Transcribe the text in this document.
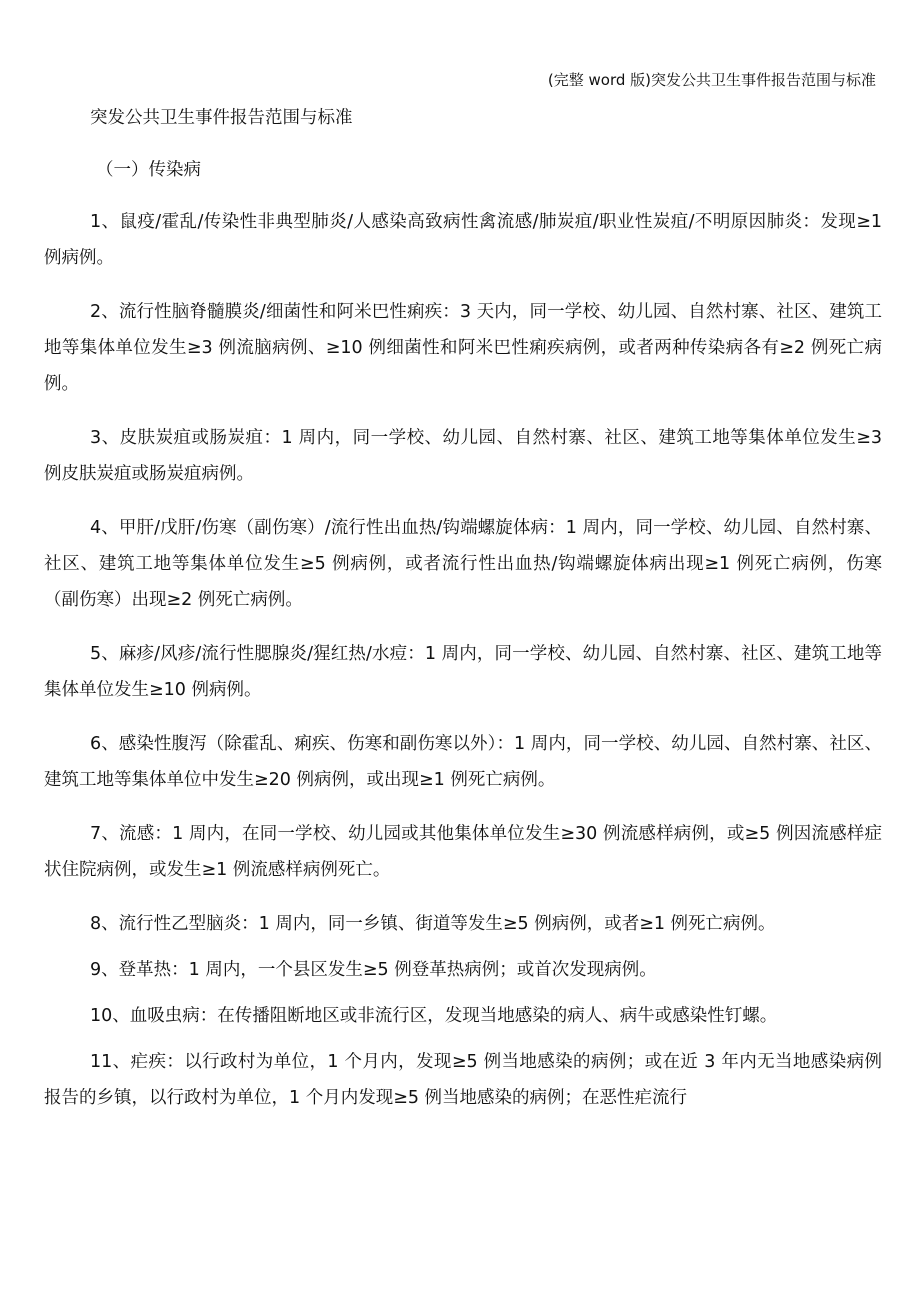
(完整 word 版)突发公共卫生事件报告范围与标准
突发公共卫生事件报告范围与标准
（一）传染病

1、鼠疫/霍乱/传染性非典型肺炎/人感染高致病性禽流感/肺炭疽/职业性炭疽/不明原因肺炎：发现≥1 例病例。

2、流行性脑脊髓膜炎/细菌性和阿米巴性痢疾：3 天内，同一学校、幼儿园、自然村寨、社区、建筑工地等集体单位发生≥3 例流脑病例、≥10 例细菌性和阿米巴性痢疾病例，或者两种传染病各有≥2 例死亡病例。

3、皮肤炭疽或肠炭疽：1 周内，同一学校、幼儿园、自然村寨、社区、建筑工地等集体单位发生≥3 例皮肤炭疽或肠炭疽病例。

4、甲肝/戊肝/伤寒（副伤寒）/流行性出血热/钩端螺旋体病：1 周内，同一学校、幼儿园、自然村寨、社区、建筑工地等集体单位发生≥5 例病例，或者流行性出血热/钩端螺旋体病出现≥1 例死亡病例，伤寒（副伤寒）出现≥2 例死亡病例。

5、麻疹/风疹/流行性腮腺炎/猩红热/水痘：1 周内，同一学校、幼儿园、自然村寨、社区、建筑工地等集体单位发生≥10 例病例。

6、感染性腹泻（除霍乱、痢疾、伤寒和副伤寒以外）：1 周内，同一学校、幼儿园、自然村寨、社区、建筑工地等集体单位中发生≥20 例病例，或出现≥1 例死亡病例。

7、流感：1 周内，在同一学校、幼儿园或其他集体单位发生≥30 例流感样病例，或≥5 例因流感样症状住院病例，或发生≥1 例流感样病例死亡。

8、流行性乙型脑炎：1 周内，同一乡镇、街道等发生≥5 例病例，或者≥1 例死亡病例。

9、登革热：1 周内，一个县区发生≥5 例登革热病例；或首次发现病例。

10、血吸虫病：在传播阻断地区或非流行区，发现当地感染的病人、病牛或感染性钉螺。

11、疟疾：以行政村为单位，1 个月内，发现≥5 例当地感染的病例；或在近 3 年内无当地感染病例报告的乡镇，以行政村为单位，1 个月内发现≥5 例当地感染的病例；在恶性疟流行
